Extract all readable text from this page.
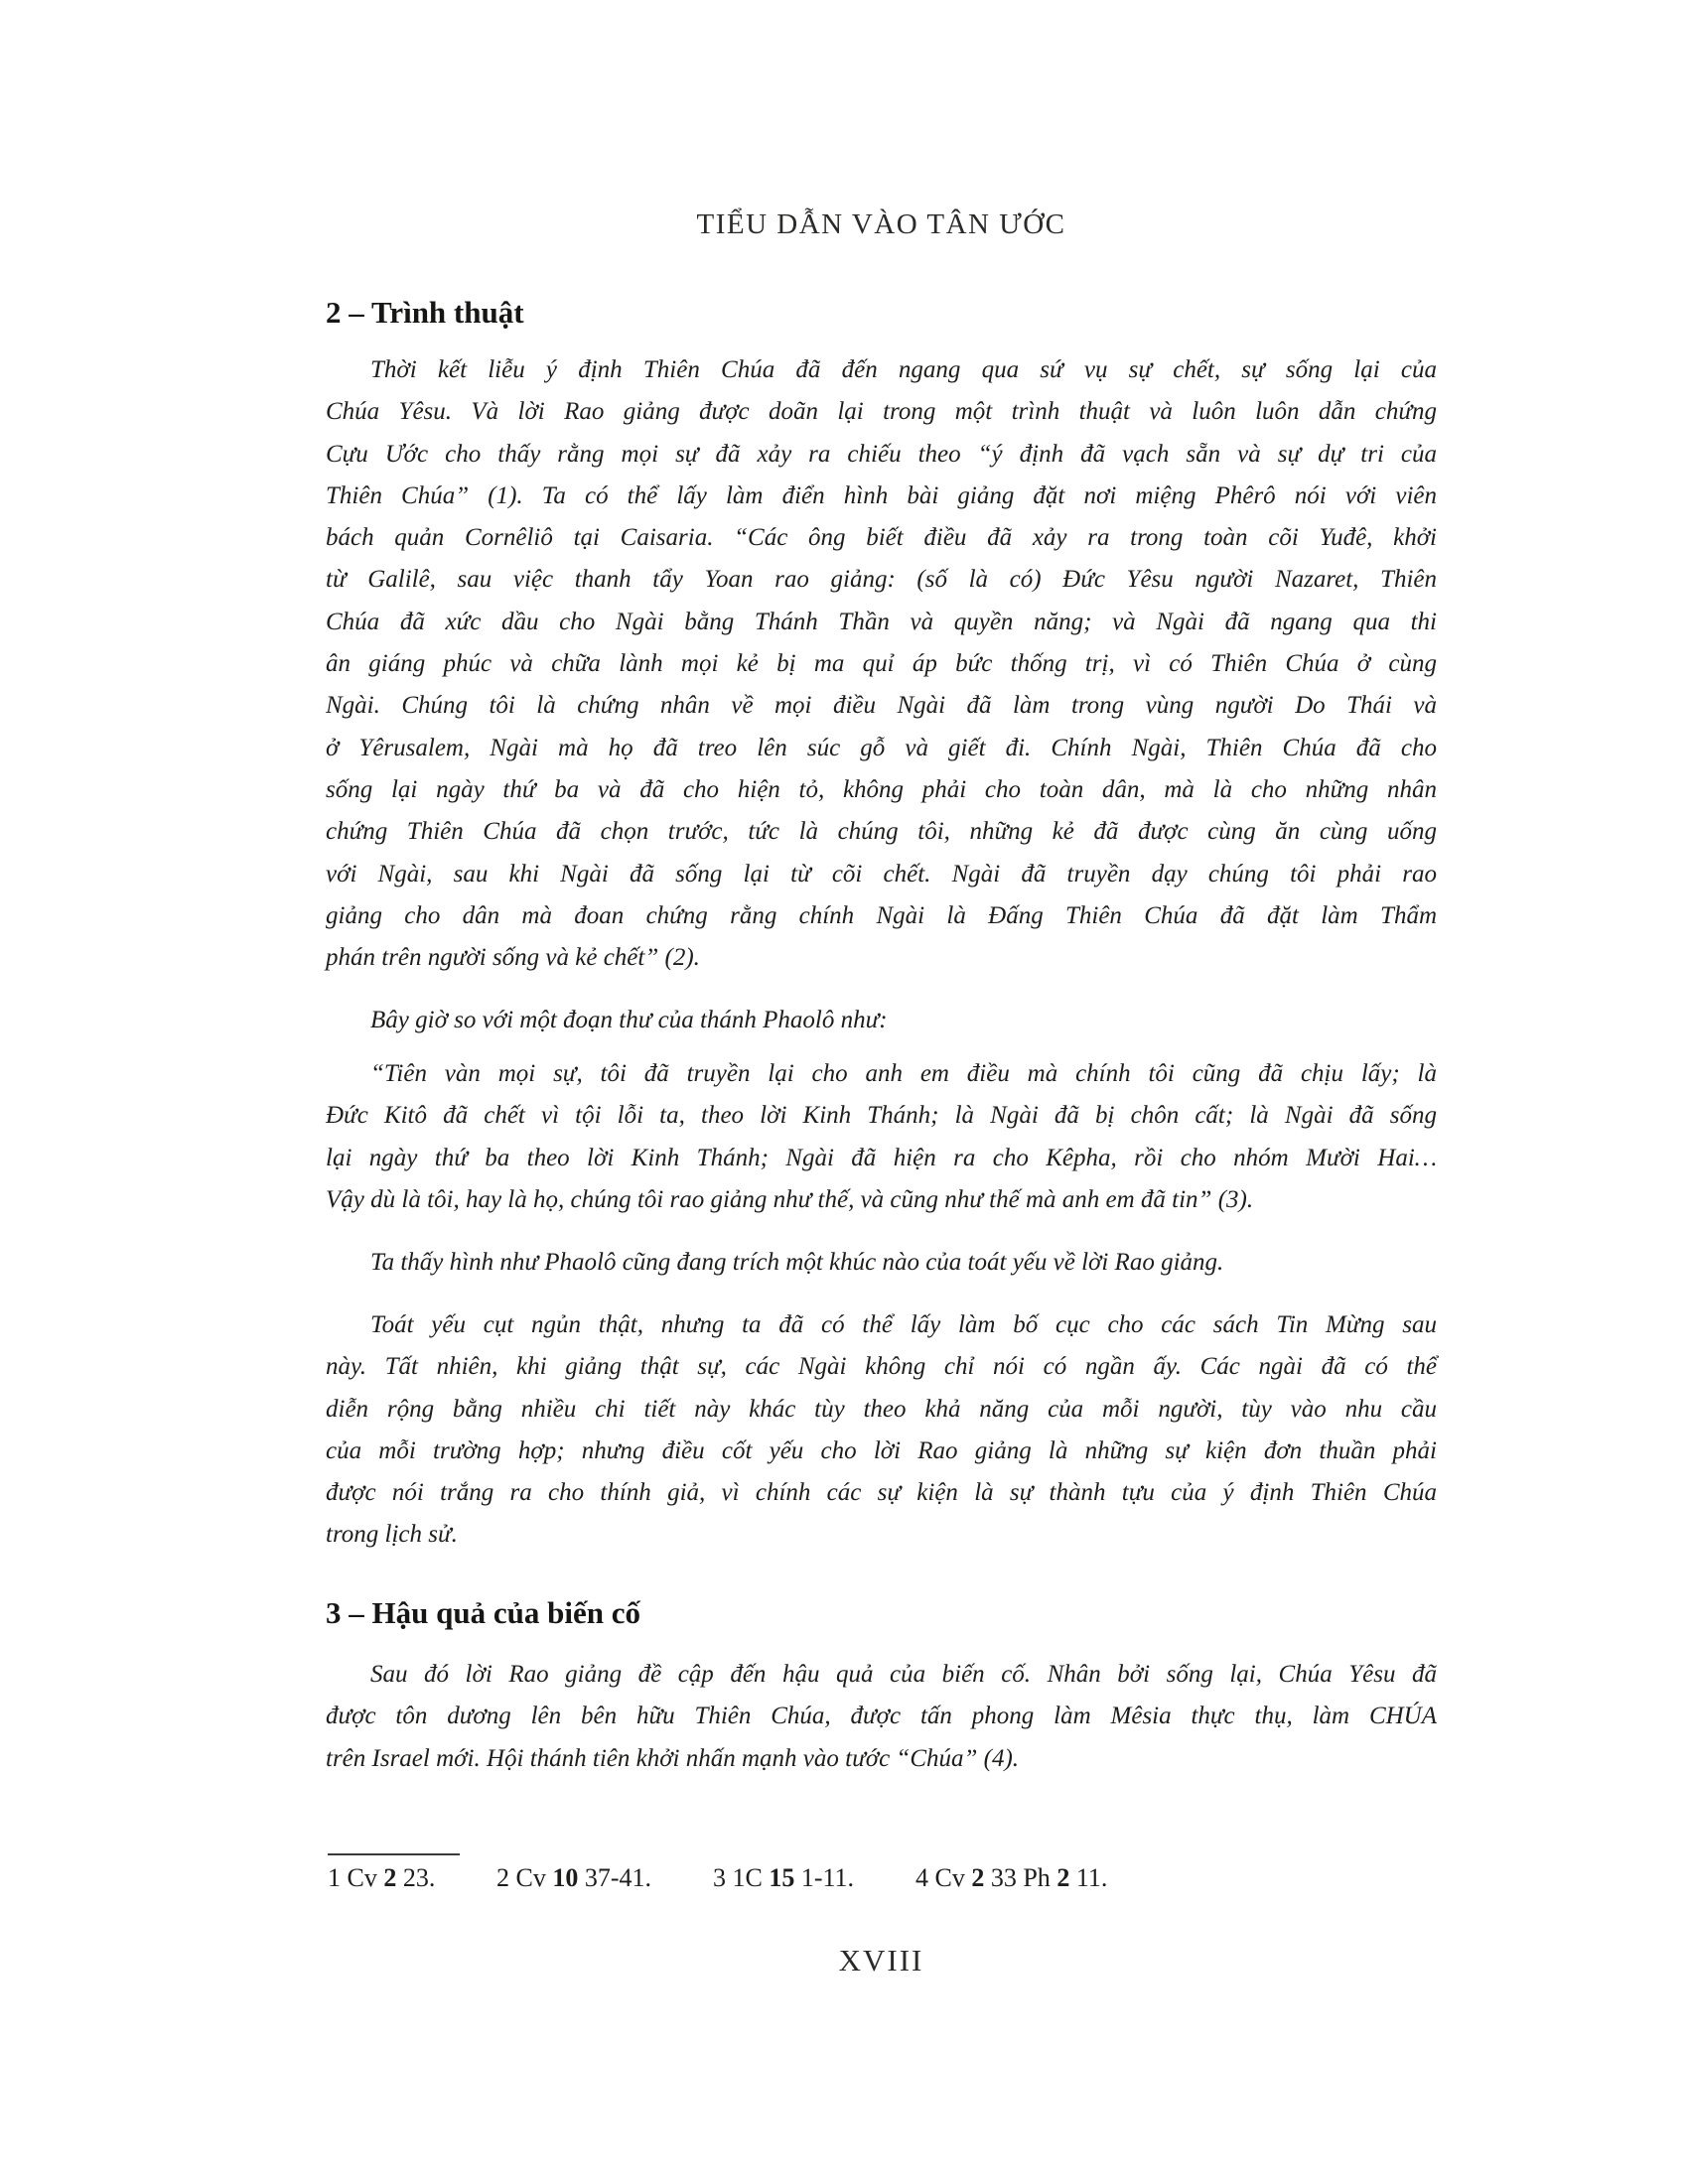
TIỂU DẪN VÀO TÂN ƯỚC
2 – Trình thuật
Thời kết liễu ý định Thiên Chúa đã đến ngang qua sứ vụ sự chết, sự sống lại của
Chúa Yêsu. Và lời Rao giảng được doãn lại trong một trình thuật và luôn luôn dẫn chứng
Cựu Ước cho thấy rằng mọi sự đã xảy ra chiếu theo “ý định đã vạch sẵn và sự dự tri của
Thiên Chúa” (1). Ta có thể lấy làm điển hình bài giảng đặt nơi miệng Phêrô nói với viên
bách quản Cornêliô tại Caisaria. “Các ông biết điều đã xảy ra trong toàn cõi Yuđê, khởi
từ Galilê, sau việc thanh tẩy Yoan rao giảng: (số là có) Đức Yêsu người Nazaret, Thiên
Chúa đã xức dầu cho Ngài bằng Thánh Thần và quyền năng; và Ngài đã ngang qua thi
ân giáng phúc và chữa lành mọi kẻ bị ma quỉ áp bức thống trị, vì có Thiên Chúa ở cùng
Ngài. Chúng tôi là chứng nhân về mọi điều Ngài đã làm trong vùng người Do Thái và
ở Yêrusalem, Ngài mà họ đã treo lên súc gỗ và giết đi. Chính Ngài, Thiên Chúa đã cho
sống lại ngày thứ ba và đã cho hiện tỏ, không phải cho toàn dân, mà là cho những nhân
chứng Thiên Chúa đã chọn trước, tức là chúng tôi, những kẻ đã được cùng ăn cùng uống
với Ngài, sau khi Ngài đã sống lại từ cõi chết. Ngài đã truyền dạy chúng tôi phải rao
giảng cho dân mà đoan chứng rằng chính Ngài là Đấng Thiên Chúa đã đặt làm Thẩm
phán trên người sống và kẻ chết” (2).
Bây giờ so với một đoạn thư của thánh Phaolô như:
“Tiên vàn mọi sự, tôi đã truyền lại cho anh em điều mà chính tôi cũng đã chịu lấy; là
Đức Kitô đã chết vì tội lỗi ta, theo lời Kinh Thánh; là Ngài đã bị chôn cất; là Ngài đã sống
lại ngày thứ ba theo lời Kinh Thánh; Ngài đã hiện ra cho Kêpha, rồi cho nhóm Mười Hai…
Vậy dù là tôi, hay là họ, chúng tôi rao giảng như thế, và cũng như thế mà anh em đã tin” (3).
Ta thấy hình như Phaolô cũng đang trích một khúc nào của toát yếu về lời Rao giảng.
Toát yếu cụt ngủn thật, nhưng ta đã có thể lấy làm bố cục cho các sách Tin Mừng sau
này. Tất nhiên, khi giảng thật sự, các Ngài không chỉ nói có ngần ấy. Các ngài đã có thể
diễn rộng bằng nhiều chi tiết này khác tùy theo khả năng của mỗi người, tùy vào nhu cầu
của mỗi trường hợp; nhưng điều cốt yếu cho lời Rao giảng là những sự kiện đơn thuần phải
được nói trắng ra cho thính giả, vì chính các sự kiện là sự thành tựu của ý định Thiên Chúa
trong lịch sử.
3 – Hậu quả của biến cố
Sau đó lời Rao giảng đề cập đến hậu quả của biến cố. Nhân bởi sống lại, Chúa Yêsu đã
được tôn dương lên bên hữu Thiên Chúa, được tấn phong làm Mêsia thực thụ, làm CHÚA
trên Israel mới. Hội thánh tiên khởi nhấn mạnh vào tước “Chúa” (4).
1 Cv 2 23. 2 Cv 10 37-41. 3 1C 15 1-11. 4 Cv 2 33 Ph 2 11.
XVIII
